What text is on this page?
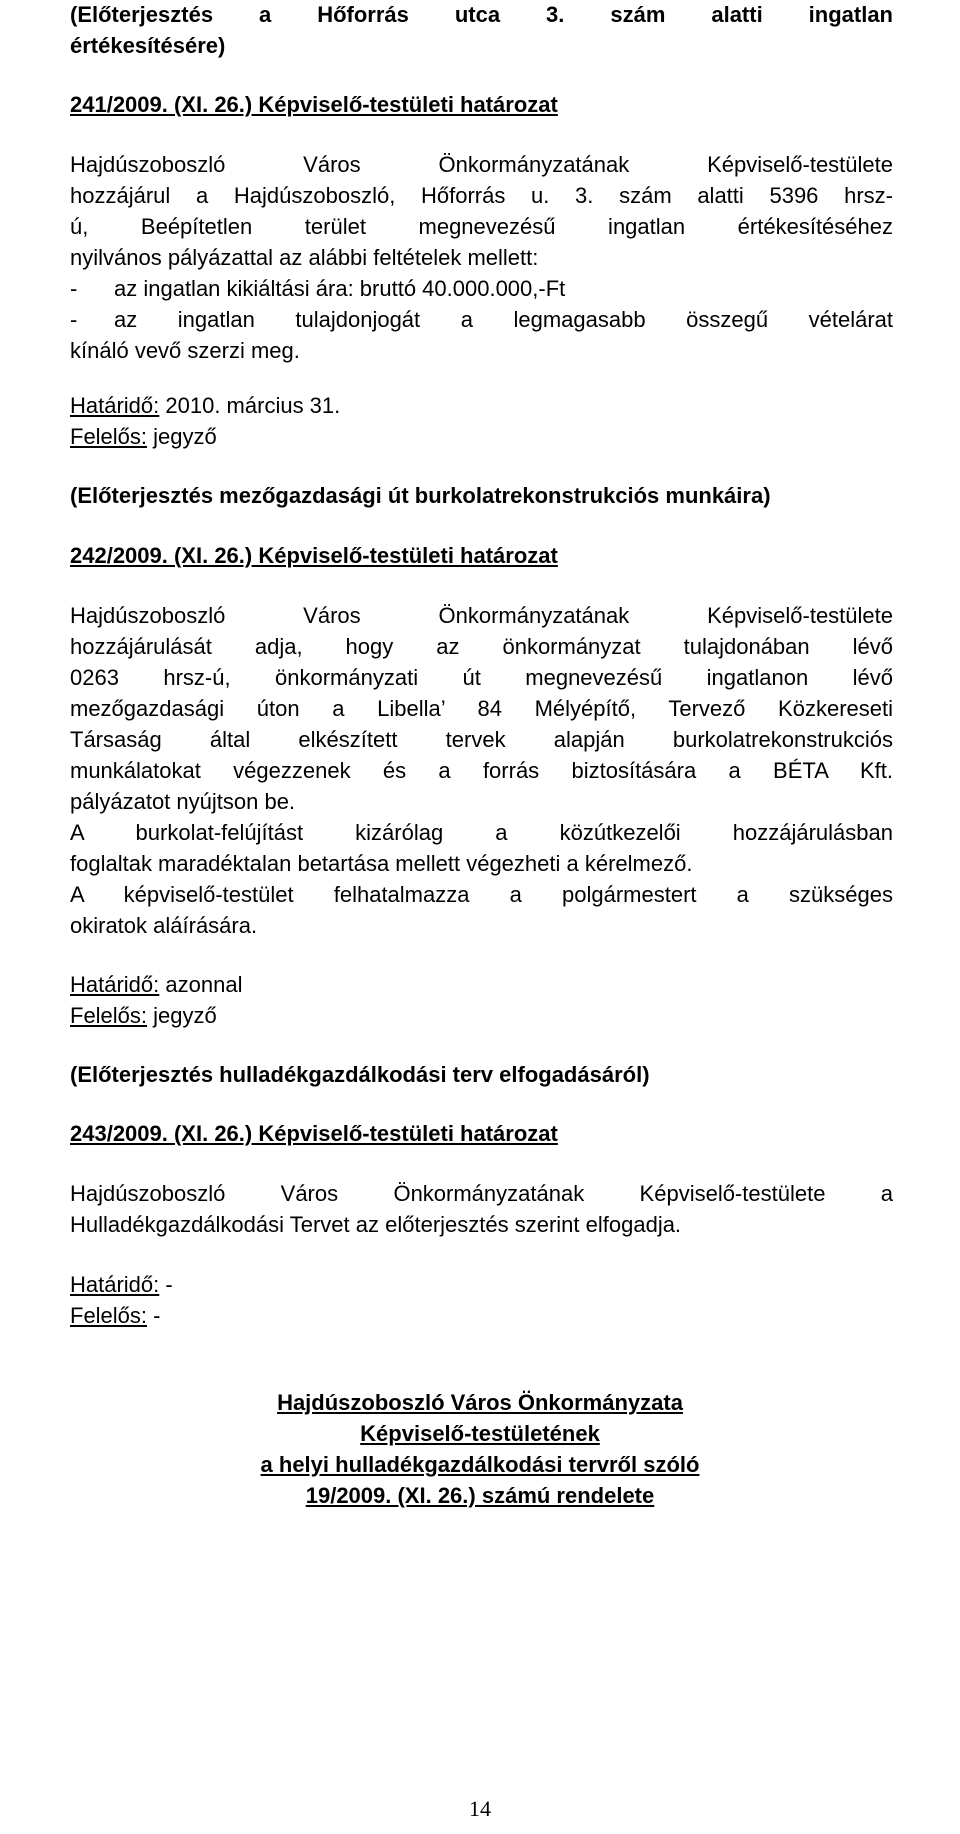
(Előterjesztés a Hőforrás utca 3. szám alatti ingatlan
értékesítésére)
241/2009. (XI. 26.) Képviselő-testületi határozat
Hajdúszoboszló Város Önkormányzatának Képviselő-testülete
hozzájárul a Hajdúszoboszló, Hőforrás u. 3. szám alatti 5396 hrsz-
ú, Beépítetlen terület megnevezésű ingatlan értékesítéséhez
nyilvános pályázattal az alábbi feltételek mellett:
- az ingatlan kikiáltási ára: bruttó 40.000.000,-Ft
- az ingatlan tulajdonjogát a legmagasabb összegű vételárat
kínáló vevő szerzi meg.
Határidő: 2010. március 31.
Felelős: jegyző
(Előterjesztés mezőgazdasági út burkolatrekonstrukciós munkáira)
242/2009. (XI. 26.) Képviselő-testületi határozat
Hajdúszoboszló Város Önkormányzatának Képviselő-testülete
hozzájárulását adja, hogy az önkormányzat tulajdonában lévő
0263 hrsz-ú, önkormányzati út megnevezésű ingatlanon lévő
mezőgazdasági úton a Libella’ 84 Mélyépítő, Tervező Közkereseti
Társaság által elkészített tervek alapján burkolatrekonstrukciós
munkálatokat végezzenek és a forrás biztosítására a BÉTA Kft.
pályázatot nyújtson be.
A burkolat-felújítást kizárólag a közútkezelői hozzájárulásban
foglaltak maradéktalan betartása mellett végezheti a kérelmező.
A képviselő-testület felhatalmazza a polgármestert a szükséges
okiratok aláírására.
Határidő: azonnal
Felelős: jegyző
(Előterjesztés hulladékgazdálkodási terv elfogadásáról)
243/2009. (XI. 26.) Képviselő-testületi határozat
Hajdúszoboszló Város Önkormányzatának Képviselő-testülete a
Hulladékgazdálkodási Tervet az előterjesztés szerint elfogadja.
Határidő: -
Felelős: -
Hajdúszoboszló Város Önkormányzata
Képviselő-testületének
a helyi hulladékgazdálkodási tervről szóló
19/2009. (XI. 26.) számú rendelete
14
